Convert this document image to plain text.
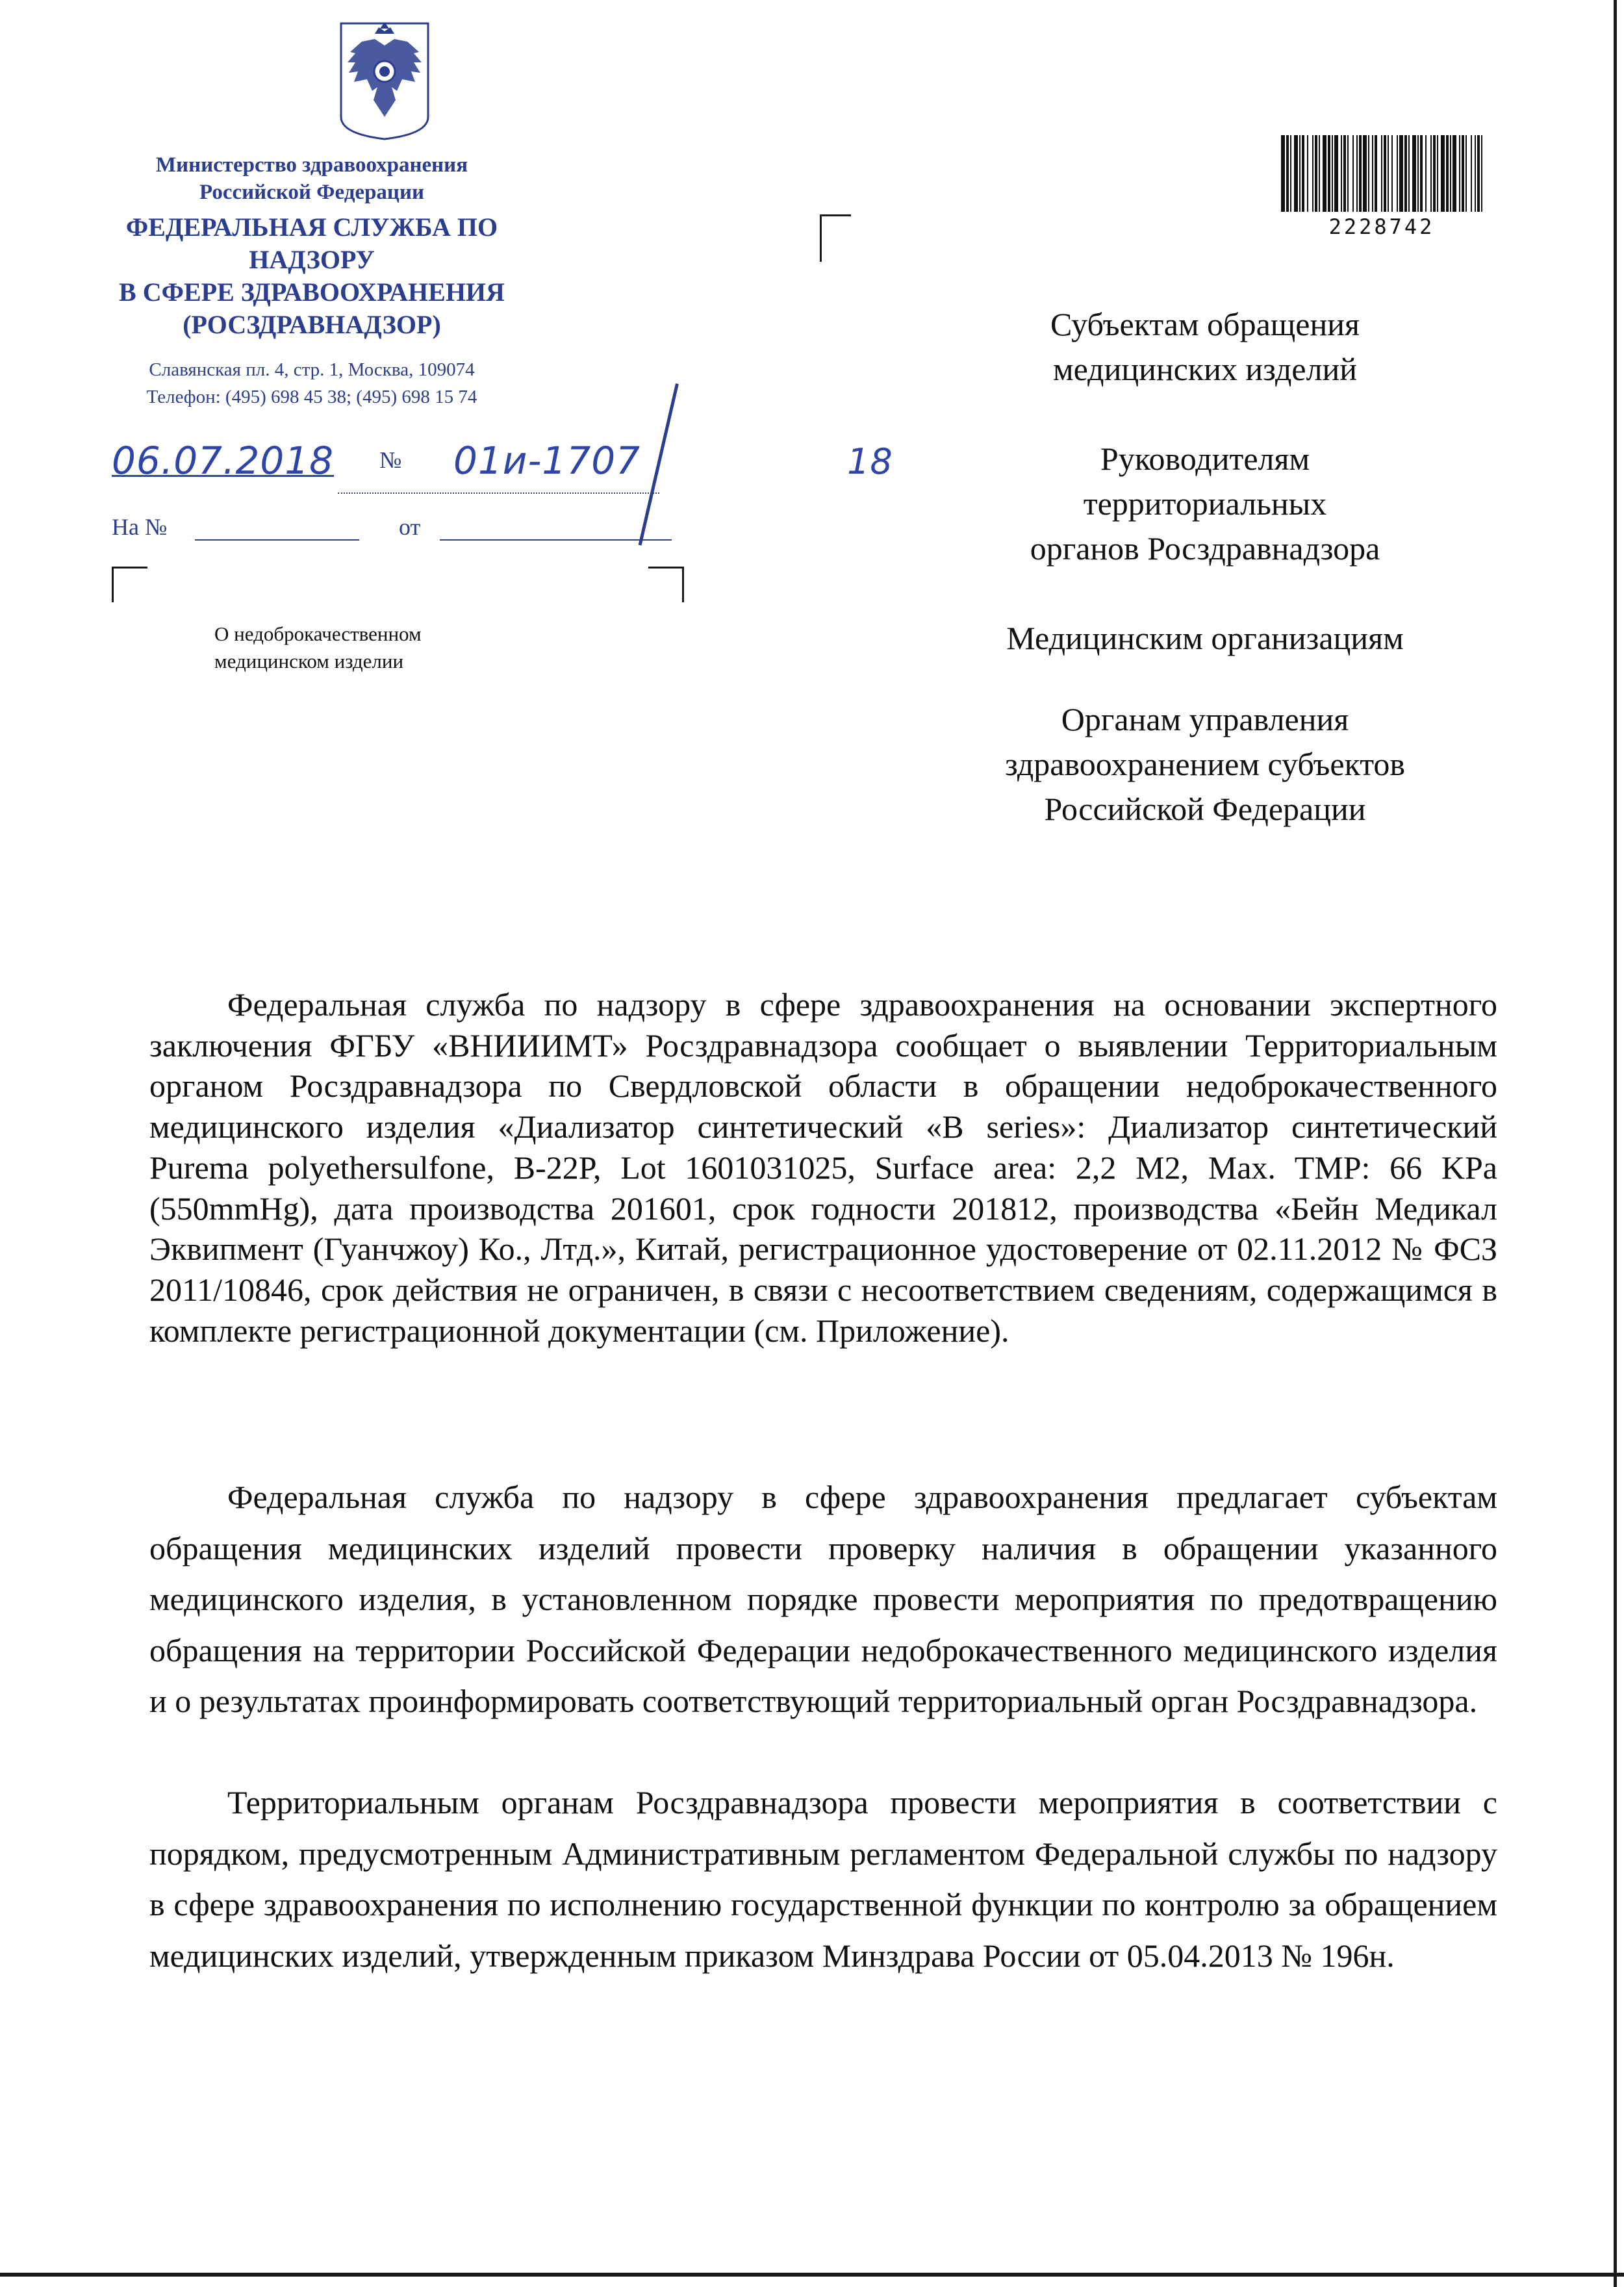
Министерство здравоохранения
Российской Федерации
ФЕДЕРАЛЬНАЯ СЛУЖБА ПО НАДЗОРУ
В СФЕРЕ ЗДРАВООХРАНЕНИЯ
(РОСЗДРАВНАДЗОР)
Славянская пл. 4, стр. 1, Москва, 109074
Телефон: (495) 698 45 38; (495) 698 15 74
06.07.2018 № 01и-1707	18
На №	от
О недоброкачественном
медицинском изделии
2228742
Субъектам обращения
медицинских изделий
Руководителям
территориальных
органов Росздравнадзора
Медицинским организациям
Органам управления
здравоохранением субъектов
Российской Федерации

Федеральная служба по надзору в сфере здравоохранения на основании экспертного заключения ФГБУ «ВНИИИМТ» Росздравнадзора сообщает о выявлении Территориальным органом Росздравнадзора по Свердловской области в обращении недоброкачественного медицинского изделия «Диализатор синтетический «B series»: Диализатор синтетический Purema polyethersulfone, B-22P, Lot 1601031025, Surface area: 2,2 M2, Max. TMP: 66 KPa (550mmHg), дата производства 201601, срок годности 201812, производства «Бейн Медикал Эквипмент (Гуанчжоу) Ко., Лтд.», Китай, регистрационное удостоверение от 02.11.2012 № ФСЗ 2011/10846, срок действия не ограничен, в связи с несоответствием сведениям, содержащимся в комплекте регистрационной документации (см. Приложение).

Федеральная служба по надзору в сфере здравоохранения предлагает субъектам обращения медицинских изделий провести проверку наличия в обращении указанного медицинского изделия, в установленном порядке провести мероприятия по предотвращению обращения на территории Российской Федерации недоброкачественного медицинского изделия и о результатах проинформировать соответствующий территориальный орган Росздравнадзора.

Территориальным органам Росздравнадзора провести мероприятия в соответствии с порядком, предусмотренным Административным регламентом Федеральной службы по надзору в сфере здравоохранения по исполнению государственной функции по контролю за обращением медицинских изделий, утвержденным приказом Минздрава России от 05.04.2013 № 196н.
